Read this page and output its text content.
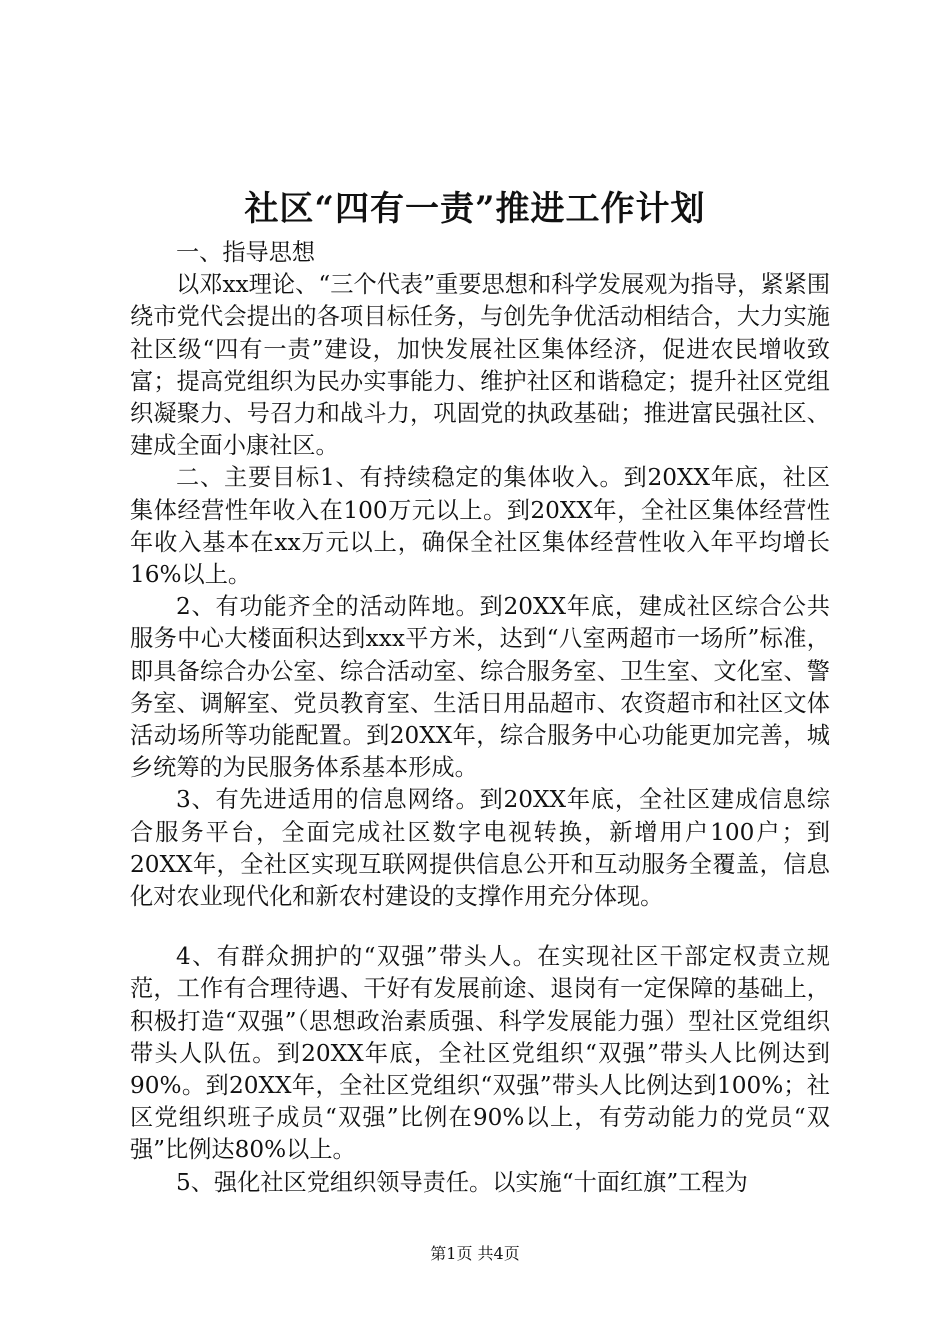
社区“四有一责”推进工作计划

一、指导思想

以邓xx理论、“三个代表”重要思想和科学发展观为指导，紧紧围绕市党代会提出的各项目标任务，与创先争优活动相结合，大力实施社区级“四有一责”建设，加快发展社区集体经济，促进农民增收致富；提高党组织为民办实事能力、维护社区和谐稳定；提升社区党组织凝聚力、号召力和战斗力，巩固党的执政基础；推进富民强社区、建成全面小康社区。

二、主要目标1、有持续稳定的集体收入。到20XX年底，社区集体经营性年收入在100万元以上。到20XX年，全社区集体经营性年收入基本在xx万元以上，确保全社区集体经营性收入年平均增长16%以上。

2、有功能齐全的活动阵地。到20XX年底，建成社区综合公共服务中心大楼面积达到xxx平方米，达到“八室两超市一场所”标准，即具备综合办公室、综合活动室、综合服务室、卫生室、文化室、警务室、调解室、党员教育室、生活日用品超市、农资超市和社区文体活动场所等功能配置。到20XX年，综合服务中心功能更加完善，城乡统筹的为民服务体系基本形成。

3、有先进适用的信息网络。到20XX年底，全社区建成信息综合服务平台，全面完成社区数字电视转换，新增用户100户；到20XX年，全社区实现互联网提供信息公开和互动服务全覆盖，信息化对农业现代化和新农村建设的支撑作用充分体现。

4、有群众拥护的“双强”带头人。在实现社区干部定权责立规范，工作有合理待遇、干好有发展前途、退岗有一定保障的基础上，积极打造“双强”（思想政治素质强、科学发展能力强）型社区党组织带头人队伍。到20XX年底，全社区党组织“双强”带头人比例达到90%。到20XX年，全社区党组织“双强”带头人比例达到100%；社区党组织班子成员“双强”比例在90%以上，有劳动能力的党员“双强”比例达80%以上。

5、强化社区党组织领导责任。以实施“十面红旗”工程为

第1页 共4页
